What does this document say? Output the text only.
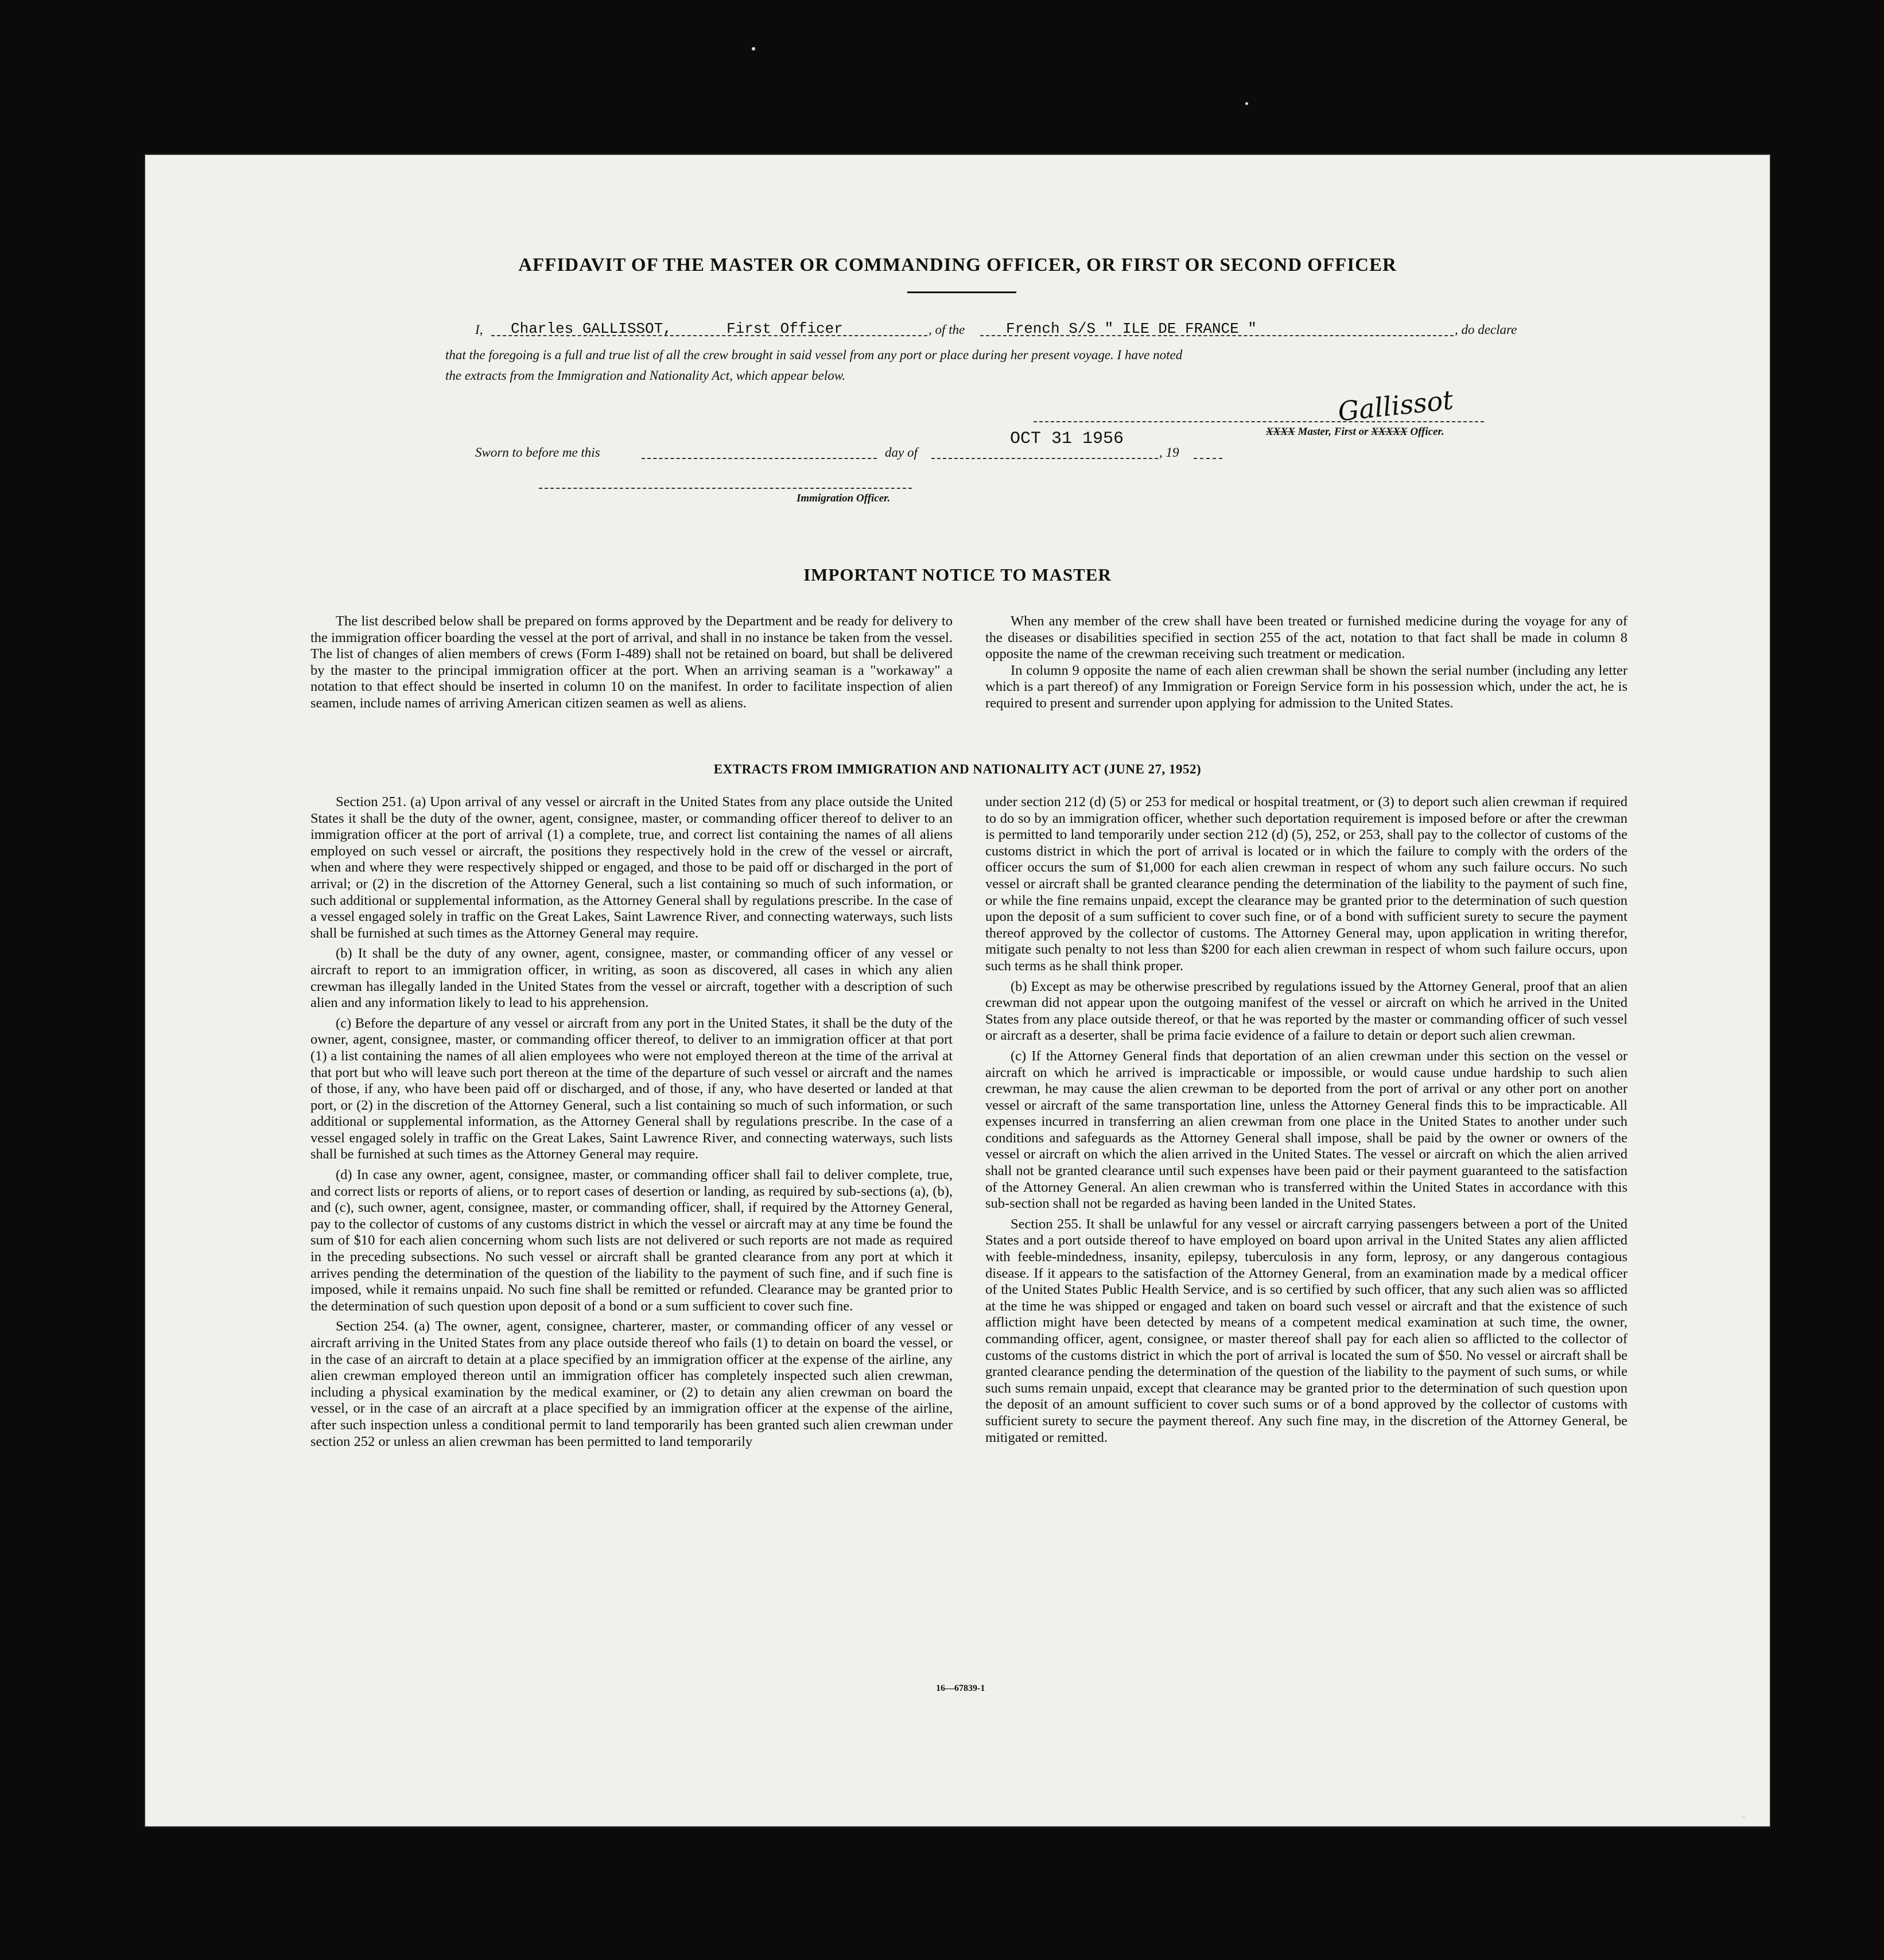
AFFIDAVIT OF THE MASTER OR COMMANDING OFFICER, OR FIRST OR SECOND OFFICER
I, Charles GALLISSOT,	First Officer	, of the	French S/S " ILE DE FRANCE "	, do declare
that the foregoing is a full and true list of all the crew brought in said vessel from any port or place during her present voyage. I have noted
the extracts from the Immigration and Nationality Act, which appear below.
Gallissot
XXXX Master, First or XXXXX Officer.
Sworn to before me this	day of
OCT 31 1956
, 19
Immigration Officer.
IMPORTANT NOTICE TO MASTER

The list described below shall be prepared on forms approved by the Department and be ready for delivery to the immigration officer boarding the vessel at the port of arrival, and shall in no instance be taken from the vessel. The list of changes of alien members of crews (Form I-489) shall not be retained on board, but shall be delivered by the master to the principal immigration officer at the port. When an arriving seaman is a "workaway" a notation to that effect should be inserted in column 10 on the manifest. In order to facilitate inspection of alien seamen, include names of arriving American citizen seamen as well as aliens.

When any member of the crew shall have been treated or furnished medicine during the voyage for any of the diseases or disabilities specified in section 255 of the act, notation to that fact shall be made in column 8 opposite the name of the crewman receiving such treatment or medication.

In column 9 opposite the name of each alien crewman shall be shown the serial number (including any letter which is a part thereof) of any Immigration or Foreign Service form in his possession which, under the act, he is required to present and surrender upon applying for admission to the United States.

EXTRACTS FROM IMMIGRATION AND NATIONALITY ACT (JUNE 27, 1952)

Section 251. (a) Upon arrival of any vessel or aircraft in the United States from any place outside the United States it shall be the duty of the owner, agent, consignee, master, or commanding officer thereof to deliver to an immigration officer at the port of arrival (1) a complete, true, and correct list containing the names of all aliens employed on such vessel or aircraft, the positions they respectively hold in the crew of the vessel or aircraft, when and where they were respectively shipped or engaged, and those to be paid off or discharged in the port of arrival; or (2) in the discretion of the Attorney General, such a list containing so much of such information, or such additional or supplemental information, as the Attorney General shall by regulations prescribe. In the case of a vessel engaged solely in traffic on the Great Lakes, Saint Lawrence River, and connecting waterways, such lists shall be furnished at such times as the Attorney General may require.

(b) It shall be the duty of any owner, agent, consignee, master, or commanding officer of any vessel or aircraft to report to an immigration officer, in writing, as soon as discovered, all cases in which any alien crewman has illegally landed in the United States from the vessel or aircraft, together with a description of such alien and any information likely to lead to his apprehension.

(c) Before the departure of any vessel or aircraft from any port in the United States, it shall be the duty of the owner, agent, consignee, master, or commanding officer thereof, to deliver to an immigration officer at that port (1) a list containing the names of all alien employees who were not employed thereon at the time of the arrival at that port but who will leave such port thereon at the time of the departure of such vessel or aircraft and the names of those, if any, who have been paid off or discharged, and of those, if any, who have deserted or landed at that port, or (2) in the discretion of the Attorney General, such a list containing so much of such information, or such additional or supplemental information, as the Attorney General shall by regulations prescribe. In the case of a vessel engaged solely in traffic on the Great Lakes, Saint Lawrence River, and connecting waterways, such lists shall be furnished at such times as the Attorney General may require.

(d) In case any owner, agent, consignee, master, or commanding officer shall fail to deliver complete, true, and correct lists or reports of aliens, or to report cases of desertion or landing, as required by sub-sections (a), (b), and (c), such owner, agent, consignee, master, or commanding officer, shall, if required by the Attorney General, pay to the collector of customs of any customs district in which the vessel or aircraft may at any time be found the sum of $10 for each alien concerning whom such lists are not delivered or such reports are not made as required in the preceding subsections. No such vessel or aircraft shall be granted clearance from any port at which it arrives pending the determination of the question of the liability to the payment of such fine, and if such fine is imposed, while it remains unpaid. No such fine shall be remitted or refunded. Clearance may be granted prior to the determination of such question upon deposit of a bond or a sum sufficient to cover such fine.

Section 254. (a) The owner, agent, consignee, charterer, master, or commanding officer of any vessel or aircraft arriving in the United States from any place outside thereof who fails (1) to detain on board the vessel, or in the case of an aircraft to detain at a place specified by an immigration officer at the expense of the airline, any alien crewman employed thereon until an immigration officer has completely inspected such alien crewman, including a physical examination by the medical examiner, or (2) to detain any alien crewman on board the vessel, or in the case of an aircraft at a place specified by an immigration officer at the expense of the airline, after such inspection unless a conditional permit to land temporarily has been granted such alien crewman under section 252 or unless an alien crewman has been permitted to land temporarily

under section 212 (d) (5) or 253 for medical or hospital treatment, or (3) to deport such alien crewman if required to do so by an immigration officer, whether such deportation requirement is imposed before or after the crewman is permitted to land temporarily under section 212 (d) (5), 252, or 253, shall pay to the collector of customs of the customs district in which the port of arrival is located or in which the failure to comply with the orders of the officer occurs the sum of $1,000 for each alien crewman in respect of whom any such failure occurs. No such vessel or aircraft shall be granted clearance pending the determination of the liability to the payment of such fine, or while the fine remains unpaid, except the clearance may be granted prior to the determination of such question upon the deposit of a sum sufficient to cover such fine, or of a bond with sufficient surety to secure the payment thereof approved by the collector of customs. The Attorney General may, upon application in writing therefor, mitigate such penalty to not less than $200 for each alien crewman in respect of whom such failure occurs, upon such terms as he shall think proper.

(b) Except as may be otherwise prescribed by regulations issued by the Attorney General, proof that an alien crewman did not appear upon the outgoing manifest of the vessel or aircraft on which he arrived in the United States from any place outside thereof, or that he was reported by the master or commanding officer of such vessel or aircraft as a deserter, shall be prima facie evidence of a failure to detain or deport such alien crewman.

(c) If the Attorney General finds that deportation of an alien crewman under this section on the vessel or aircraft on which he arrived is impracticable or impossible, or would cause undue hardship to such alien crewman, he may cause the alien crewman to be deported from the port of arrival or any other port on another vessel or aircraft of the same transportation line, unless the Attorney General finds this to be impracticable. All expenses incurred in transferring an alien crewman from one place in the United States to another under such conditions and safeguards as the Attorney General shall impose, shall be paid by the owner or owners of the vessel or aircraft on which the alien arrived in the United States. The vessel or aircraft on which the alien arrived shall not be granted clearance until such expenses have been paid or their payment guaranteed to the satisfaction of the Attorney General. An alien crewman who is transferred within the United States in accordance with this sub-section shall not be regarded as having been landed in the United States.

Section 255. It shall be unlawful for any vessel or aircraft carrying passengers between a port of the United States and a port outside thereof to have employed on board upon arrival in the United States any alien afflicted with feeble-mindedness, insanity, epilepsy, tuberculosis in any form, leprosy, or any dangerous contagious disease. If it appears to the satisfaction of the Attorney General, from an examination made by a medical officer of the United States Public Health Service, and is so certified by such officer, that any such alien was so afflicted at the time he was shipped or engaged and taken on board such vessel or aircraft and that the existence of such affliction might have been detected by means of a competent medical examination at such time, the owner, commanding officer, agent, consignee, or master thereof shall pay for each alien so afflicted to the collector of customs of the customs district in which the port of arrival is located the sum of $50. No vessel or aircraft shall be granted clearance pending the determination of the question of the liability to the payment of such sums, or while such sums remain unpaid, except that clearance may be granted prior to the determination of such question upon the deposit of an amount sufficient to cover such sums or of a bond approved by the collector of customs with sufficient surety to secure the payment thereof. Any such fine may, in the discretion of the Attorney General, be mitigated or remitted.

16—67839-1
